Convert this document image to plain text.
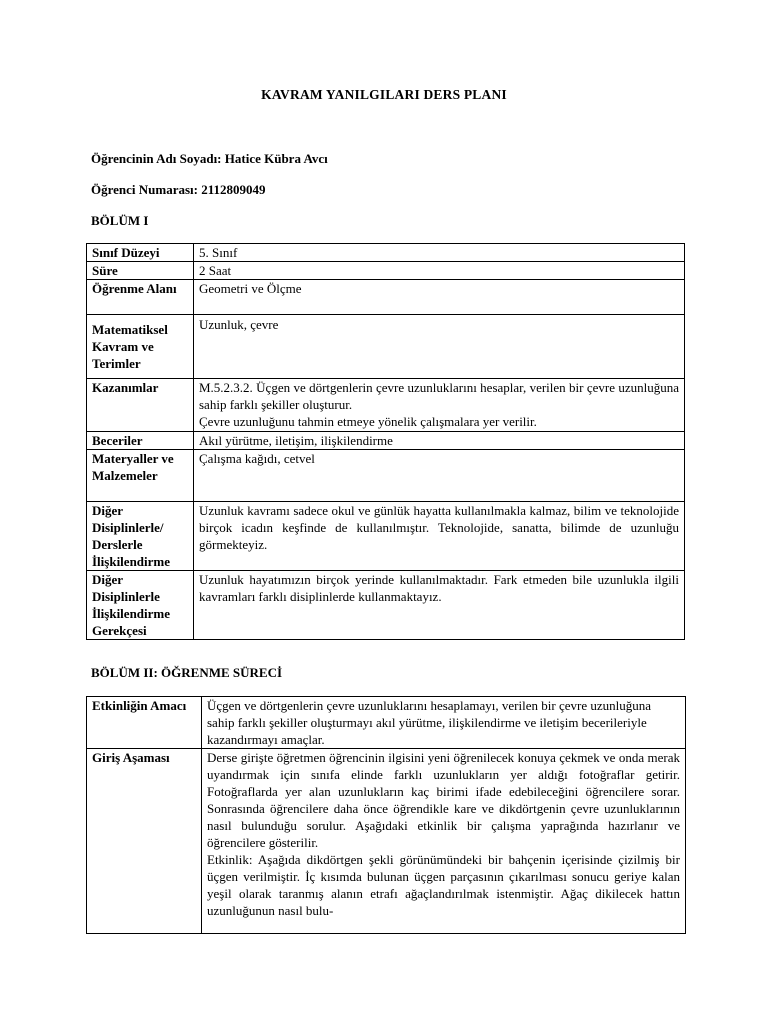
KAVRAM YANILGILARI DERS PLANI
Öğrencinin Adı Soyadı: Hatice Kübra Avcı
Öğrenci Numarası: 2112809049
BÖLÜM I
Sınıf Düzeyi	5. Sınıf
Süre	2 Saat
Öğrenme Alanı	Geometri ve Ölçme
Matematiksel Kavram ve Terimler	Uzunluk, çevre
Kazanımlar	M.5.2.3.2. Üçgen ve dörtgenlerin çevre uzunluklarını hesaplar, verilen bir çevre uzunluğuna sahip farklı şekiller oluşturur.
Çevre uzunluğunu tahmin etmeye yönelik çalışmalara yer verilir.

Beceriler	Akıl yürütme, iletişim, ilişkilendirme
Materyaller ve Malzemeler	Çalışma kağıdı, cetvel
Diğer Disiplinlerle/ Derslerle İlişkilendirme	Uzunluk kavramı sadece okul ve günlük hayatta kullanılmakla kalmaz, bilim ve teknolojide birçok icadın keşfinde de kullanılmıştır. Teknolojide, sanatta, bilimde de uzunluğu görmekteyiz.
Diğer Disiplinlerle İlişkilendirme Gerekçesi	Uzunluk hayatımızın birçok yerinde kullanılmaktadır. Fark etmeden bile uzunlukla ilgili kavramları farklı disiplinlerde kullanmaktayız.
BÖLÜM II: ÖĞRENME SÜRECİ
Etkinliğin Amacı	Üçgen ve dörtgenlerin çevre uzunluklarını hesaplamayı, verilen bir çevre uzunluğuna sahip farklı şekiller oluşturmayı akıl yürütme, ilişkilendirme ve iletişim becerileriyle kazandırmayı amaçlar.
Giriş Aşaması	Derse girişte öğretmen öğrencinin ilgisini yeni öğrenilecek konuya çekmek ve onda merak uyandırmak için sınıfa elinde farklı uzunlukların yer aldığı fotoğraflar getirir. Fotoğraflarda yer alan uzunlukların kaç birimi ifade edebileceğini öğrencilere sorar. Sonrasında öğrencilere daha önce öğrendikle kare ve dikdörtgenin çevre uzunluklarının nasıl bulunduğu sorulur. Aşağıdaki etkinlik bir çalışma yaprağında hazırlanır ve öğrencilere gösterilir.
Etkinlik: Aşağıda dikdörtgen şekli görünümündeki bir bahçenin içerisinde çizilmiş bir üçgen verilmiştir. İç kısımda bulunan üçgen parçasının çıkarılması sonucu geriye kalan yeşil olarak taranmış alanın etrafı ağaçlandırılmak istenmiştir. Ağaç dikilecek hattın uzunluğunun nasıl bulu-
